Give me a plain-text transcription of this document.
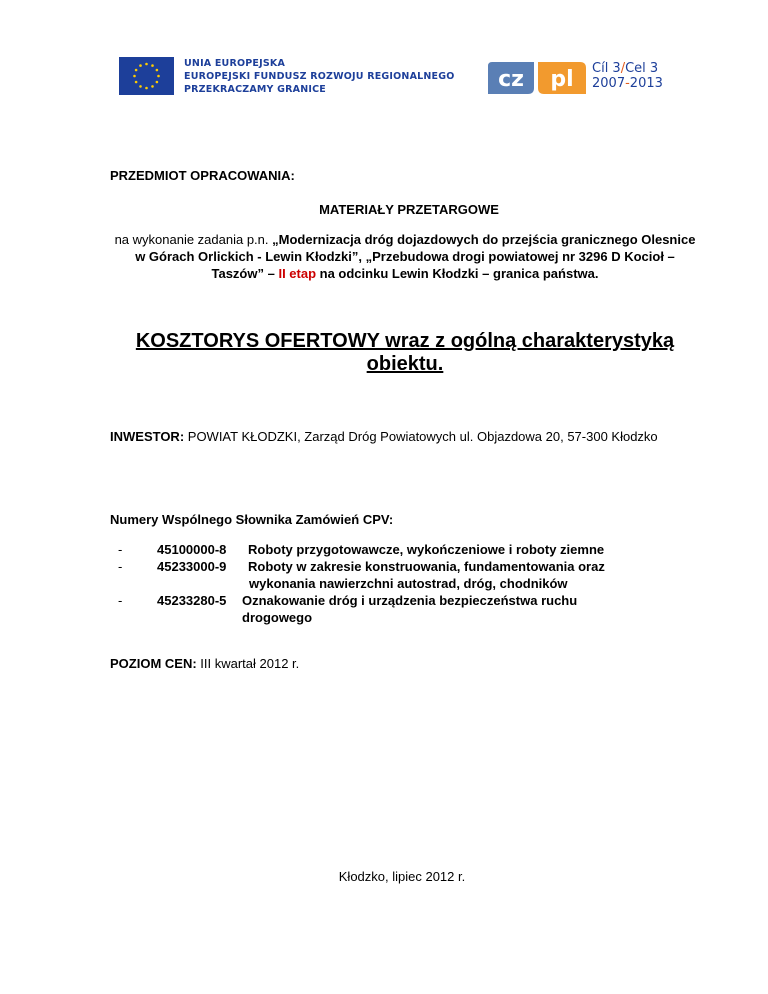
UNIA EUROPEJSKA
EUROPEJSKI FUNDUSZ ROZWOJU REGIONALNEGO
PRZEKRACZAMY GRANICE	cz pl Cíl 3/Cel 3
2007-2013
PRZEDMIOT OPRACOWANIA:
MATERIAŁY PRZETARGOWE
na wykonanie zadania p.n. „Modernizacja dróg dojazdowych do przejścia granicznego Olesnice w Górach Orlickich - Lewin Kłodzki”, „Przebudowa drogi powiatowej nr 3296 D Kocioł – Taszów” – II etap na odcinku Lewin Kłodzki – granica państwa.
KOSZTORYS OFERTOWY wraz z ogólną charakterystyką obiektu.
INWESTOR: POWIAT KŁODZKI, Zarząd Dróg Powiatowych ul. Objazdowa 20, 57-300 Kłodzko
Numery Wspólnego Słownika Zamówień CPV:
-	45100000-8 Roboty przygotowawcze, wykończeniowe i roboty ziemne
-	45233000-9 Roboty w zakresie konstruowania, fundamentowania oraz
wykonania nawierzchni autostrad, dróg, chodników
-	45233280-5 Oznakowanie dróg i urządzenia bezpieczeństwa ruchu
drogowego
POZIOM CEN: III kwartał 2012 r.
Kłodzko, lipiec 2012 r.
